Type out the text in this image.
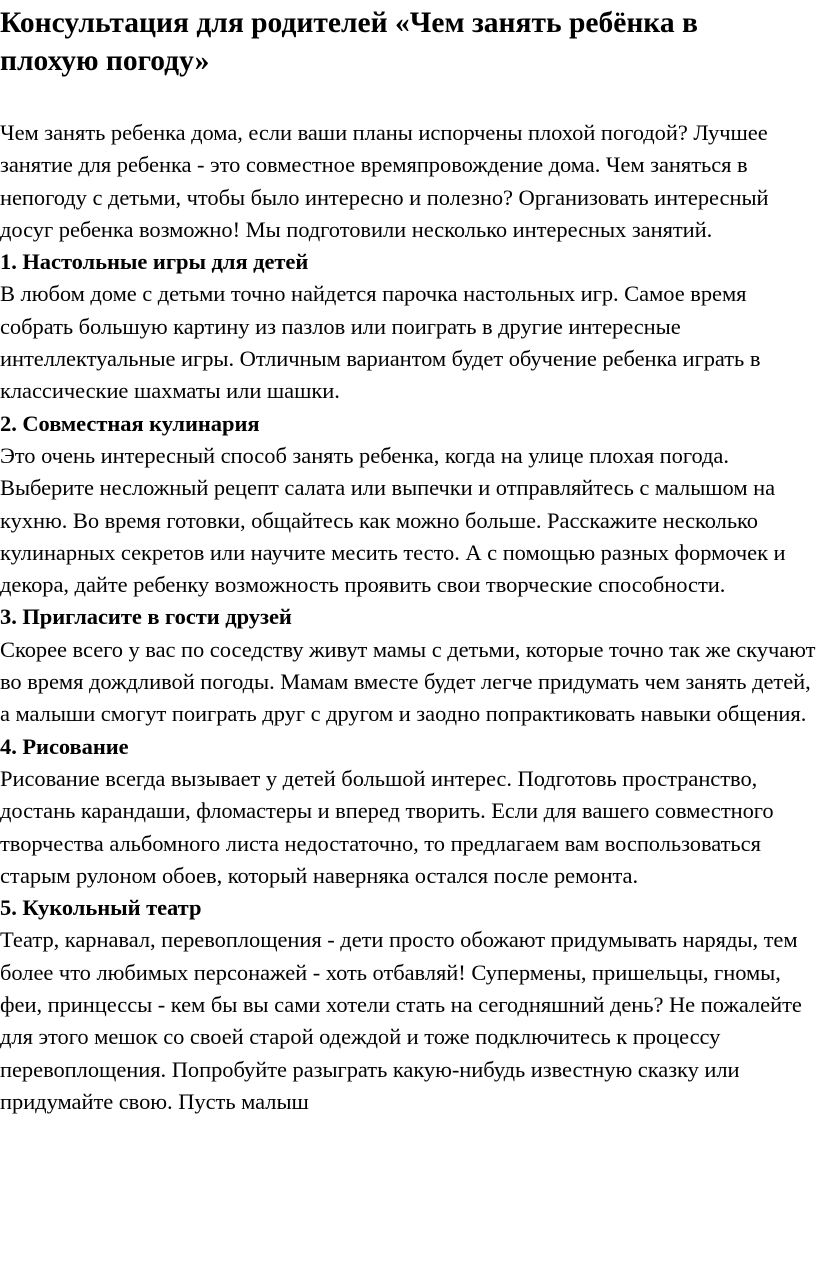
Консультация для родителей «Чем занять ребёнка в плохую погоду»

Чем занять ребенка дома, если ваши планы испорчены плохой погодой? Лучшее занятие для ребенка - это совместное времяпровождение дома. Чем заняться в непогоду с детьми, чтобы было интересно и полезно? Организовать интересный досуг ребенка возможно! Мы подготовили несколько интересных занятий.

1. Настольные игры для детей

В любом доме с детьми точно найдется парочка настольных игр. Самое время собрать большую картину из пазлов или поиграть в другие интересные интеллектуальные игры. Отличным вариантом будет обучение ребенка играть в классические шахматы или шашки.

2. Совместная кулинария

Это очень интересный способ занять ребенка, когда на улице плохая погода. Выберите несложный рецепт салата или выпечки и отправляйтесь с малышом на кухню. Во время готовки, общайтесь как можно больше. Расскажите несколько кулинарных секретов или научите месить тесто. А с помощью разных формочек и декора, дайте ребенку возможность проявить свои творческие способности.

3. Пригласите в гости друзей

Скорее всего у вас по соседству живут мамы с детьми, которые точно так же скучают во время дождливой погоды. Мамам вместе будет легче придумать чем занять детей, а малыши смогут поиграть друг с другом и заодно попрактиковать навыки общения.

4. Рисование

Рисование всегда вызывает у детей большой интерес. Подготовь пространство, достань карандаши, фломастеры и вперед творить. Если для вашего совместного творчества альбомного листа недостаточно, то предлагаем вам воспользоваться старым рулоном обоев, который наверняка остался после ремонта.

5. Кукольный театр

Театр, карнавал, перевоплощения - дети просто обожают придумывать наряды, тем более что любимых персонажей - хоть отбавляй! Супермены, пришельцы, гномы, феи, принцессы - кем бы вы сами хотели стать на сегодняшний день? Не пожалейте для этого мешок со своей старой одеждой и тоже подключитесь к процессу перевоплощения. Попробуйте разыграть какую-нибудь известную сказку или придумайте свою. Пусть малыш
